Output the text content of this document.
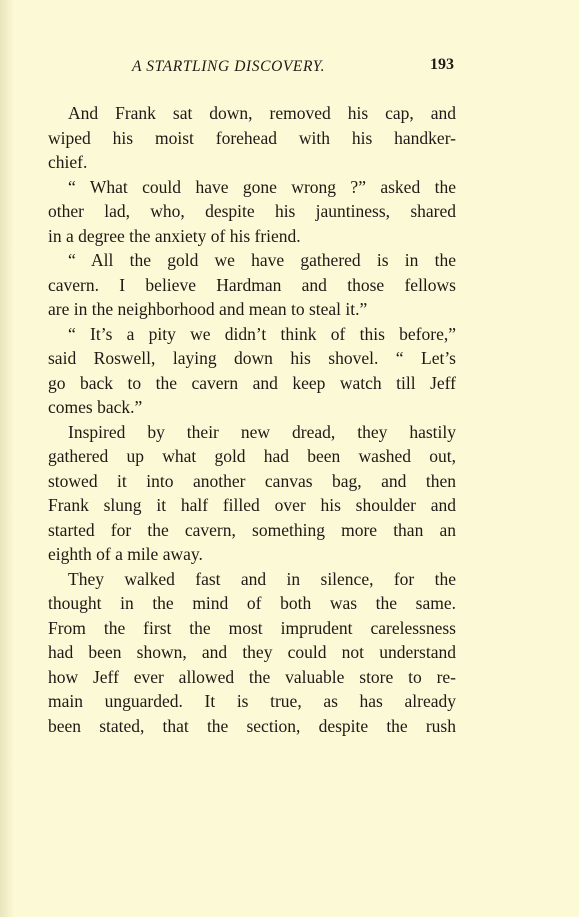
A STARTLING DISCOVERY.	193
And Frank sat down, removed his cap, and
wiped his moist forehead with his handker-
chief.
“ What could have gone wrong ?” asked the
other lad, who, despite his jauntiness, shared
in a degree the anxiety of his friend.
“ All the gold we have gathered is in the
cavern. I believe Hardman and those fellows
are in the neighborhood and mean to steal it.”
“ It’s a pity we didn’t think of this before,”
said Roswell, laying down his shovel. “ Let’s
go back to the cavern and keep watch till Jeff
comes back.”
Inspired by their new dread, they hastily
gathered up what gold had been washed out,
stowed it into another canvas bag, and then
Frank slung it half filled over his shoulder and
started for the cavern, something more than an
eighth of a mile away.
They walked fast and in silence, for the
thought in the mind of both was the same.
From the first the most imprudent carelessness
had been shown, and they could not understand
how Jeff ever allowed the valuable store to re-
main unguarded. It is true, as has already
been stated, that the section, despite the rush
